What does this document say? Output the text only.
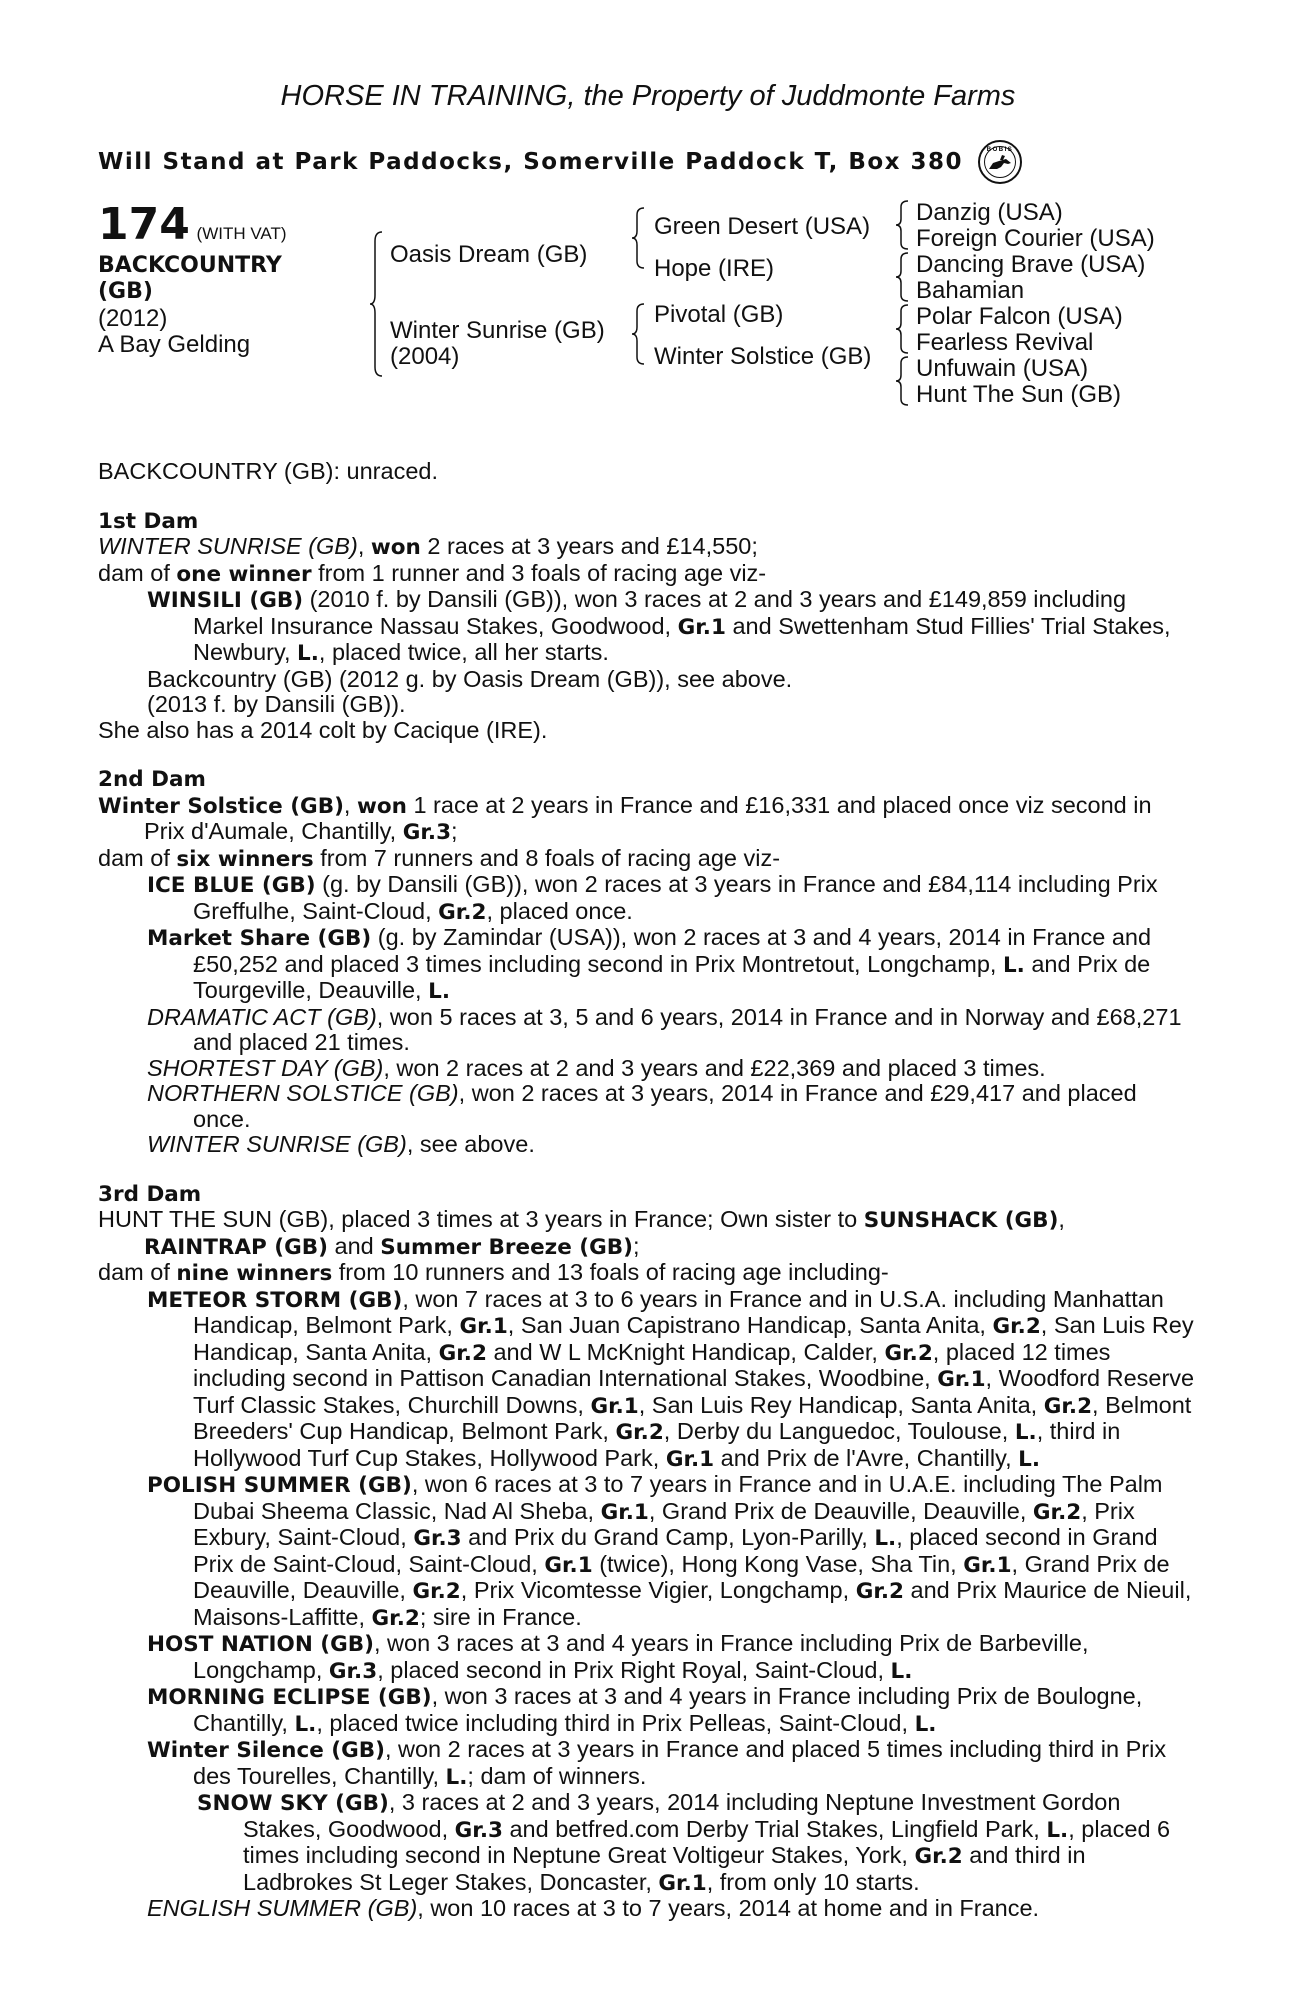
HORSE IN TRAINING, the Property of Juddmonte Farms

Will Stand at Park Paddocks, Somerville Paddock T, Box 380	BOBIS
174 (WITH VAT)
BACKCOUNTRY
(GB)
(2012)
A Bay Gelding
Oasis Dream (GB)
Winter Sunrise (GB)
(2004)
Green Desert (USA)
Hope (IRE)
Pivotal (GB)
Winter Solstice (GB)
Danzig (USA)
Foreign Courier (USA)
Dancing Brave (USA)
Bahamian
Polar Falcon (USA)
Fearless Revival
Unfuwain (USA)
Hunt The Sun (GB)

BACKCOUNTRY (GB): unraced.

1st Dam

WINTER SUNRISE (GB), won 2 races at 3 years and £14,550;

dam of one winner from 1 runner and 3 foals of racing age viz-

WINSILI (GB) (2010 f. by Dansili (GB)), won 3 races at 2 and 3 years and £149,859 including Markel Insurance Nassau Stakes, Goodwood, Gr.1 and Swettenham Stud Fillies' Trial Stakes, Newbury, L., placed twice, all her starts.

Backcountry (GB) (2012 g. by Oasis Dream (GB)), see above.

(2013 f. by Dansili (GB)).

She also has a 2014 colt by Cacique (IRE).

2nd Dam

Winter Solstice (GB), won 1 race at 2 years in France and £16,331 and placed once viz second in Prix d'Aumale, Chantilly, Gr.3;

dam of six winners from 7 runners and 8 foals of racing age viz-

ICE BLUE (GB) (g. by Dansili (GB)), won 2 races at 3 years in France and £84,114 including Prix Greffulhe, Saint-Cloud, Gr.2, placed once.

Market Share (GB) (g. by Zamindar (USA)), won 2 races at 3 and 4 years, 2014 in France and £50,252 and placed 3 times including second in Prix Montretout, Longchamp, L. and Prix de Tourgeville, Deauville, L.

DRAMATIC ACT (GB), won 5 races at 3, 5 and 6 years, 2014 in France and in Norway and £68,271 and placed 21 times.

SHORTEST DAY (GB), won 2 races at 2 and 3 years and £22,369 and placed 3 times.

NORTHERN SOLSTICE (GB), won 2 races at 3 years, 2014 in France and £29,417 and placed once.

WINTER SUNRISE (GB), see above.

3rd Dam

HUNT THE SUN (GB), placed 3 times at 3 years in France; Own sister to SUNSHACK (GB),
RAINTRAP (GB) and Summer Breeze (GB);

dam of nine winners from 10 runners and 13 foals of racing age including-

METEOR STORM (GB), won 7 races at 3 to 6 years in France and in U.S.A. including Manhattan Handicap, Belmont Park, Gr.1, San Juan Capistrano Handicap, Santa Anita, Gr.2, San Luis Rey Handicap, Santa Anita, Gr.2 and W L McKnight Handicap, Calder, Gr.2, placed 12 times including second in Pattison Canadian International Stakes, Woodbine, Gr.1, Woodford Reserve Turf Classic Stakes, Churchill Downs, Gr.1, San Luis Rey Handicap, Santa Anita, Gr.2, Belmont Breeders' Cup Handicap, Belmont Park, Gr.2, Derby du Languedoc, Toulouse, L., third in Hollywood Turf Cup Stakes, Hollywood Park, Gr.1 and Prix de l'Avre, Chantilly, L.

POLISH SUMMER (GB), won 6 races at 3 to 7 years in France and in U.A.E. including The Palm Dubai Sheema Classic, Nad Al Sheba, Gr.1, Grand Prix de Deauville, Deauville, Gr.2, Prix Exbury, Saint-Cloud, Gr.3 and Prix du Grand Camp, Lyon-Parilly, L., placed second in Grand Prix de Saint-Cloud, Saint-Cloud, Gr.1 (twice), Hong Kong Vase, Sha Tin, Gr.1, Grand Prix de Deauville, Deauville, Gr.2, Prix Vicomtesse Vigier, Longchamp, Gr.2 and Prix Maurice de Nieuil, Maisons-Laffitte, Gr.2; sire in France.

HOST NATION (GB), won 3 races at 3 and 4 years in France including Prix de Barbeville, Longchamp, Gr.3, placed second in Prix Right Royal, Saint-Cloud, L.

MORNING ECLIPSE (GB), won 3 races at 3 and 4 years in France including Prix de Boulogne, Chantilly, L., placed twice including third in Prix Pelleas, Saint-Cloud, L.

Winter Silence (GB), won 2 races at 3 years in France and placed 5 times including third in Prix des Tourelles, Chantilly, L.; dam of winners.

SNOW SKY (GB), 3 races at 2 and 3 years, 2014 including Neptune Investment Gordon Stakes, Goodwood, Gr.3 and betfred.com Derby Trial Stakes, Lingfield Park, L., placed 6 times including second in Neptune Great Voltigeur Stakes, York, Gr.2 and third in Ladbrokes St Leger Stakes, Doncaster, Gr.1, from only 10 starts.

ENGLISH SUMMER (GB), won 10 races at 3 to 7 years, 2014 at home and in France.
